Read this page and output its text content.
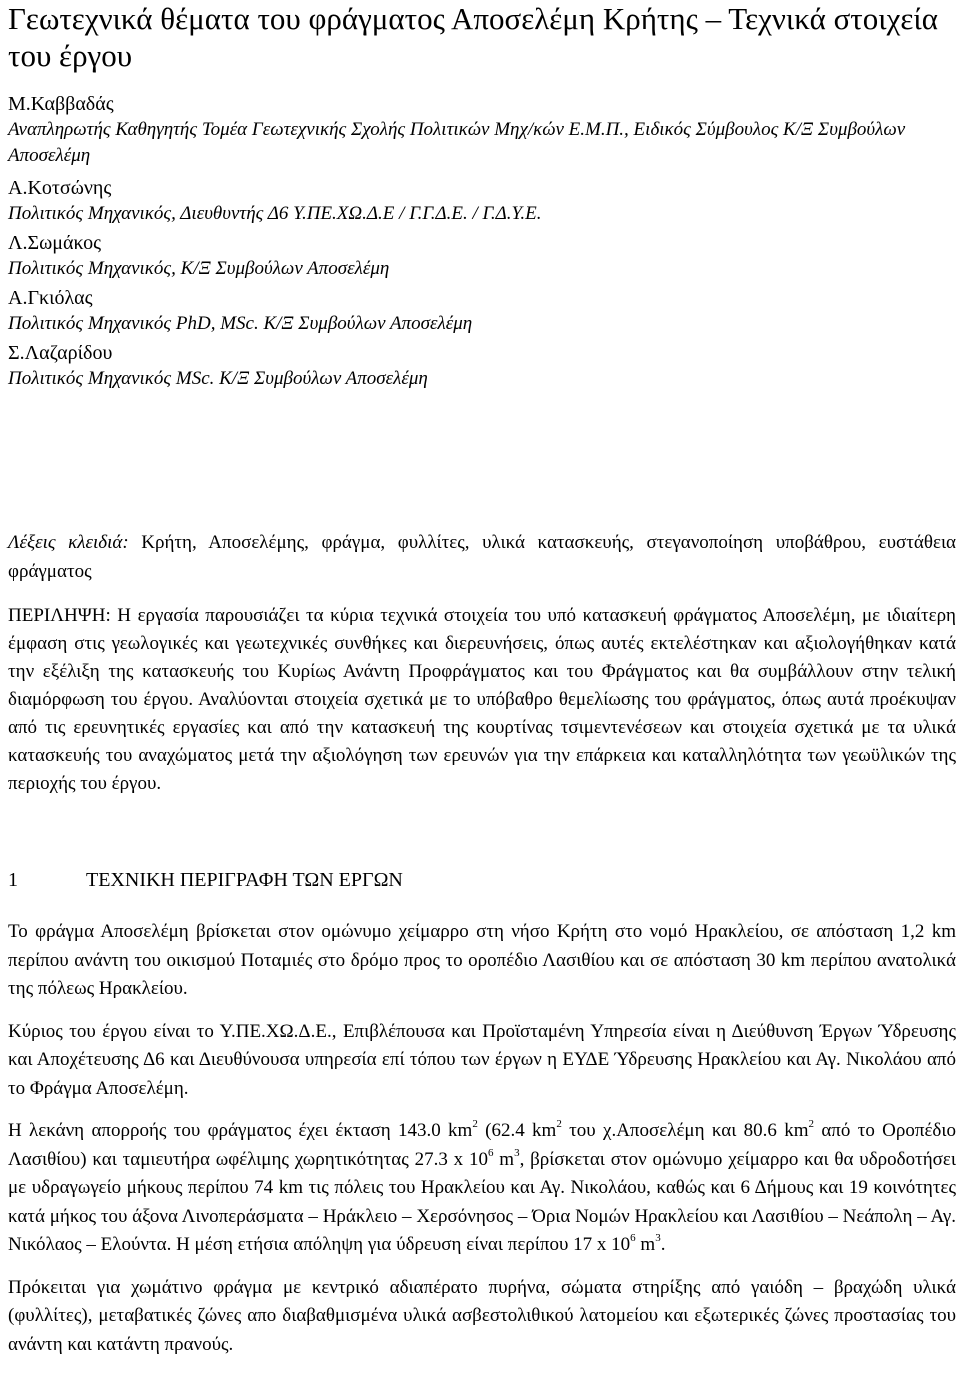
Γεωτεχνικά θέματα του φράγματος Αποσελέμη Κρήτης – Τεχνικά στοιχεία του έργου
Μ.Καββαδάς
Αναπληρωτής Καθηγητής Τομέα Γεωτεχνικής Σχολής Πολιτικών Μηχ/κών Ε.Μ.Π., Ειδικός Σύμβουλος Κ/Ξ Συμβούλων Αποσελέμη
Α.Κοτσώνης
Πολιτικός Μηχανικός, Διευθυντής Δ6 Υ.ΠΕ.ΧΩ.Δ.Ε / Γ.Γ.Δ.Ε. / Γ.Δ.Υ.Ε.
Λ.Σωμάκος
Πολιτικός Μηχανικός, Κ/Ξ Συμβούλων Αποσελέμη
Α.Γκιόλας
Πολιτικός Μηχανικός PhD, MSc. Κ/Ξ Συμβούλων Αποσελέμη
Σ.Λαζαρίδου
Πολιτικός Μηχανικός MSc. Κ/Ξ Συμβούλων Αποσελέμη
Λέξεις κλειδιά: Κρήτη, Αποσελέμης, φράγμα, φυλλίτες, υλικά κατασκευής, στεγανοποίηση υποβάθρου, ευστάθεια φράγματος
ΠΕΡΙΛΗΨΗ: Η εργασία παρουσιάζει τα κύρια τεχνικά στοιχεία του υπό κατασκευή φράγματος Αποσελέμη, με ιδιαίτερη έμφαση στις γεωλογικές και γεωτεχνικές συνθήκες και διερευνήσεις, όπως αυτές εκτελέστηκαν και αξιολογήθηκαν κατά την εξέλιξη της κατασκευής του Κυρίως Ανάντη Προφράγματος και του Φράγματος και θα συμβάλλουν στην τελική διαμόρφωση του έργου. Αναλύονται στοιχεία σχετικά με το υπόβαθρο θεμελίωσης του φράγματος, όπως αυτά προέκυψαν από τις ερευνητικές εργασίες και από την κατασκευή της κουρτίνας τσιμεντενέσεων και στοιχεία σχετικά με τα υλικά κατασκευής του αναχώματος μετά την αξιολόγηση των ερευνών για την επάρκεια και καταλληλότητα των γεωϋλικών της περιοχής του έργου.
1	ΤΕΧΝΙΚΗ ΠΕΡΙΓΡΑΦΗ ΤΩΝ ΕΡΓΩΝ

Το φράγμα Αποσελέμη βρίσκεται στον ομώνυμο χείμαρρο στη νήσο Κρήτη στο νομό Ηρακλείου, σε απόσταση 1,2 km περίπου ανάντη του οικισμού Ποταμιές στο δρόμο προς το οροπέδιο Λασιθίου και σε απόσταση 30 km περίπου ανατολικά της πόλεως Ηρακλείου.

Κύριος του έργου είναι το Υ.ΠΕ.ΧΩ.Δ.Ε., Επιβλέπουσα και Προϊσταμένη Υπηρεσία είναι η Διεύθυνση Έργων Ύδρευσης και Αποχέτευσης Δ6 και Διευθύνουσα υπηρεσία επί τόπου των έργων η ΕΥΔΕ Ύδρευσης Ηρακλείου και Αγ. Νικολάου από το Φράγμα Αποσελέμη.

Η λεκάνη απορροής του φράγματος έχει έκταση 143.0 $km^2$ (62.4 $km^2$ του χ.Αποσελέμη και 80.6 $km^2$ από το Οροπέδιο Λασιθίου) και ταμιευτήρα ωφέλιμης χωρητικότητας 27.3 x $10^6$ $m^3$, βρίσκεται στον ομώνυμο χείμαρρο και θα υδροδοτήσει με υδραγωγείο μήκους περίπου 74 km τις πόλεις του Ηρακλείου και Αγ. Νικολάου, καθώς και 6 Δήμους και 19 κοινότητες κατά μήκος του άξονα Λινοπεράσματα – Ηράκλειο – Χερσόνησος – Όρια Νομών Ηρακλείου και Λασιθίου – Νεάπολη – Αγ. Νικόλαος – Ελούντα. Η μέση ετήσια απόληψη για ύδρευση είναι περίπου 17 x $10^6$ $m^3$.

Πρόκειται για χωμάτινο φράγμα με κεντρικό αδιαπέρατο πυρήνα, σώματα στηρίξης από γαιόδη – βραχώδη υλικά (φυλλίτες), μεταβατικές ζώνες απο διαβαθμισμένα υλικά ασβεστολιθικού λατομείου και εξωτερικές ζώνες προστασίας του ανάντη και κατάντη πρανούς.
